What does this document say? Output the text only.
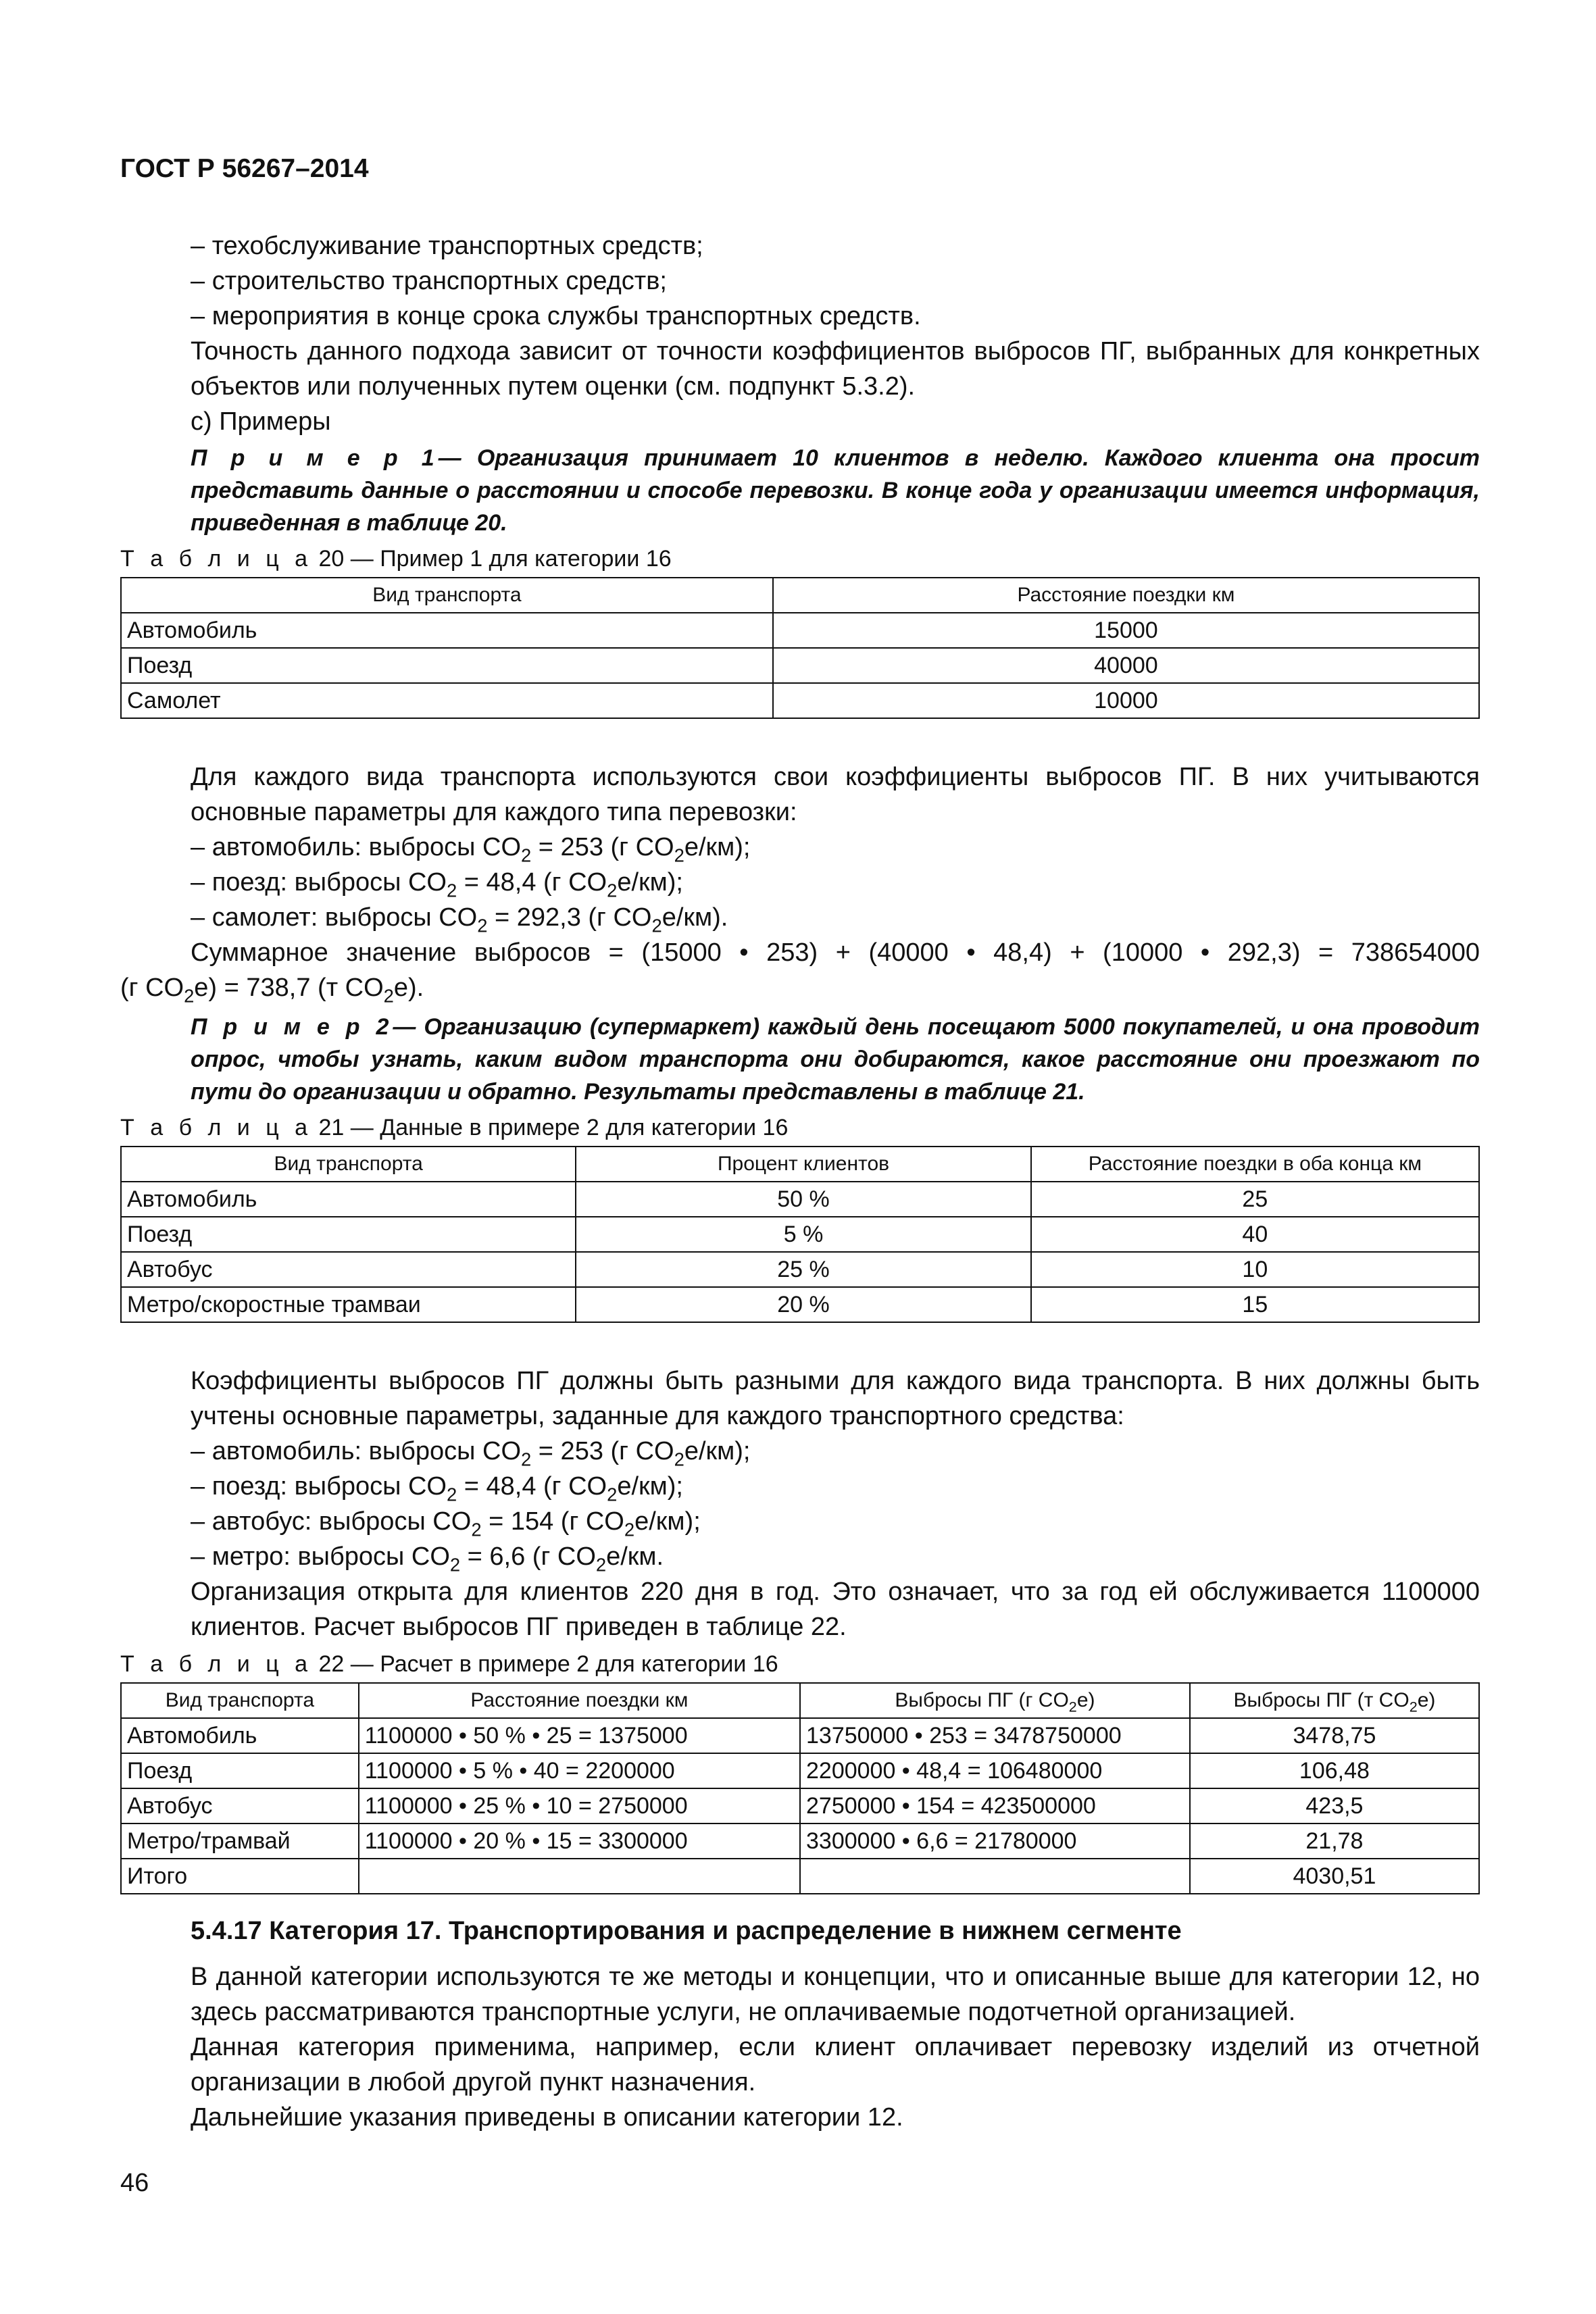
ГОСТ Р 56267–2014
– техобслуживание транспортных средств;
– строительство транспортных средств;
– мероприятия в конце срока службы транспортных средств.
Точность данного подхода зависит от точности коэффициентов выбросов ПГ, выбранных для конкретных объектов или полученных путем оценки (см. подпункт 5.3.2).
с) Примеры
П р и м е р 1— Организация принимает 10 клиентов в неделю. Каждого клиента она просит представить данные о расстоянии и способе перевозки. В конце года у организации имеется информация, приведенная в таблице 20.
Т а б л и ц а 20 — Пример 1 для категории 16
Вид транспорта	Расстояние поездки км
Автомобиль	15000
Поезд	40000
Самолет	10000
Для каждого вида транспорта используются свои коэффициенты выбросов ПГ. В них учитываются основные параметры для каждого типа перевозки:
– автомобиль: выбросы $CO_2 = 253$ (г $CO_2е/км$);
– поезд: выбросы $CO_2 = 48,4$ (г $CO_2е/км$);
– самолет: выбросы $CO_2 = 292,3$ (г $CO_2е/км$).
Суммарное значение выбросов = (15000 • 253) + (40000 • 48,4) + (10000 • 292,3) = 738654000
(г $CO_2е) = 738,7$ (т $CO_2е$).
П р и м е р 2— Организацию (супермаркет) каждый день посещают 5000 покупателей, и она проводит опрос, чтобы узнать, каким видом транспорта они добираются, какое расстояние они проезжают по пути до организации и обратно. Результаты представлены в таблице 21.
Т а б л и ц а 21 — Данные в примере 2 для категории 16
Вид транспорта	Процент клиентов	Расстояние поездки в оба конца км
Автомобиль	50 %	25
Поезд	5 %	40
Автобус	25 %	10
Метро/скоростные трамваи	20 %	15
Коэффициенты выбросов ПГ должны быть разными для каждого вида транспорта. В них должны быть учтены основные параметры, заданные для каждого транспортного средства:
– автомобиль: выбросы $CO_2 = 253$ (г $CO_2е/км$);
– поезд: выбросы $CO_2 = 48,4$ (г $CO_2е/км$);
– автобус: выбросы $CO_2 = 154$ (г $CO_2е/км$);
– метро: выбросы $CO_2 = 6,6$ (г $CO_2е/км$.
Организация открыта для клиентов 220 дня в год. Это означает, что за год ей обслуживается 1100000 клиентов. Расчет выбросов ПГ приведен в таблице 22.
Т а б л и ц а 22 — Расчет в примере 2 для категории 16
Вид транспорта	Расстояние поездки км	Выбросы ПГ (г $CO_2е$)	Выбросы ПГ (т $CO_2е$)
Автомобиль	1100000 • 50 % • 25 = 1375000	13750000 • 253 = 3478750000	3478,75
Поезд	1100000 • 5 % • 40 = 2200000	2200000 • 48,4 = 106480000	106,48
Автобус	1100000 • 25 % • 10 = 2750000	2750000 • 154 = 423500000	423,5
Метро/трамвай	1100000 • 20 % • 15 = 3300000	3300000 • 6,6 = 21780000	21,78
Итого			4030,51
5.4.17 Категория 17. Транспортирования и распределение в нижнем сегменте
В данной категории используются те же методы и концепции, что и описанные выше для категории 12, но здесь рассматриваются транспортные услуги, не оплачиваемые подотчетной организацией.
Данная категория применима, например, если клиент оплачивает перевозку изделий из отчетной организации в любой другой пункт назначения.
Дальнейшие указания приведены в описании категории 12.
46
